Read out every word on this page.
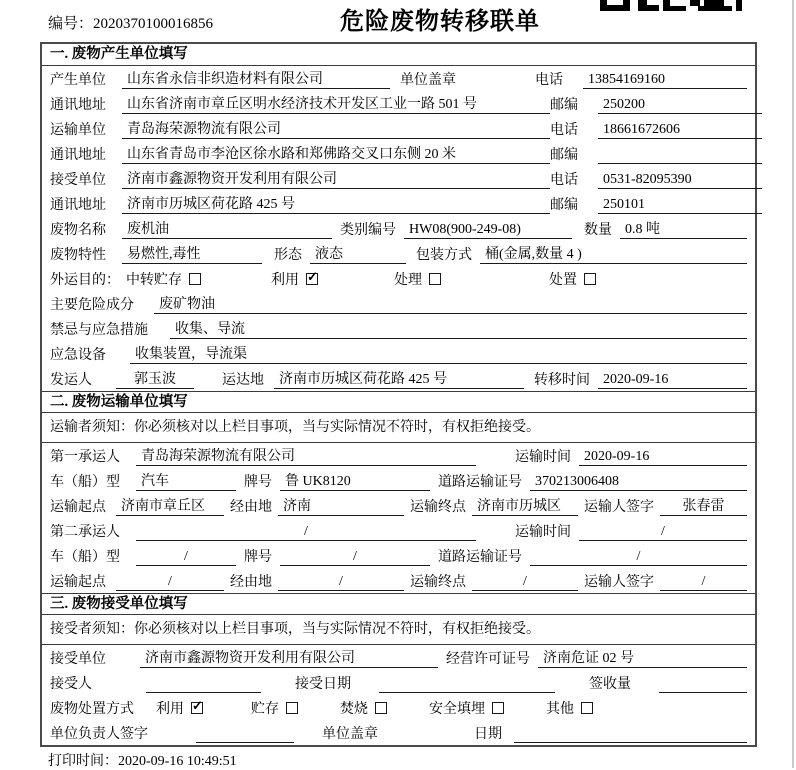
编号：2020370100016856	危险废物转移联单
一. 废物产生单位填写
产生单位	山东省永信非织造材料有限公司	单位盖章	电话	13854169160
通讯地址	山东省济南市章丘区明水经济技术开发区工业一路 501 号	邮编	250200
运输单位	青岛海荣源物流有限公司	电话	18661672606
通讯地址	山东省青岛市李沧区徐水路和郑佛路交叉口东侧 20 米	邮编
接受单位	济南市鑫源物资开发利用有限公司	电话	0531-82095390
通讯地址	济南市历城区荷花路 425 号	邮编	250101
废物名称	废机油	类别编号 HW08(900-249-08)	数量 0.8 吨
废物特性	易燃性,毒性	形态 液态	包装方式 桶(金属,数量 4 )
外运目的： 中转贮存	利用 ✓	处理	处置
主要危险成分	废矿物油
禁忌与应急措施	收集、导流
应急设备	收集装置，导流渠
发运人	郭玉波	运达地	济南市历城区荷花路 425 号	转移时间 2020-09-16
二. 废物运输单位填写
运输者须知：你必须核对以上栏目事项，当与实际情况不符时，有权拒绝接受。
第一承运人	青岛海荣源物流有限公司	运输时间 2020-09-16
车（船）型	汽车	牌号 鲁 UK8120	道路运输证号 370213006408
运输起点	济南市章丘区	经由地 济南	运输终点 济南市历城区	运输人签字	张春雷
第二承运人	/	运输时间	/
车（船）型	/	牌号	/	道路运输证号	/
运输起点	/	经由地	/	运输终点	/	运输人签字	/
三. 废物接受单位填写
接受者须知：你必须核对以上栏目事项，当与实际情况不符时，有权拒绝接受。
接受单位	济南市鑫源物资开发利用有限公司	经营许可证号 济南危证 02 号
接受人	接受日期	签收量
废物处置方式 利用 ✓	贮存	焚烧	安全填埋	其他
单位负责人签字	单位盖章	日期
打印时间：2020-09-16 10:49:51
